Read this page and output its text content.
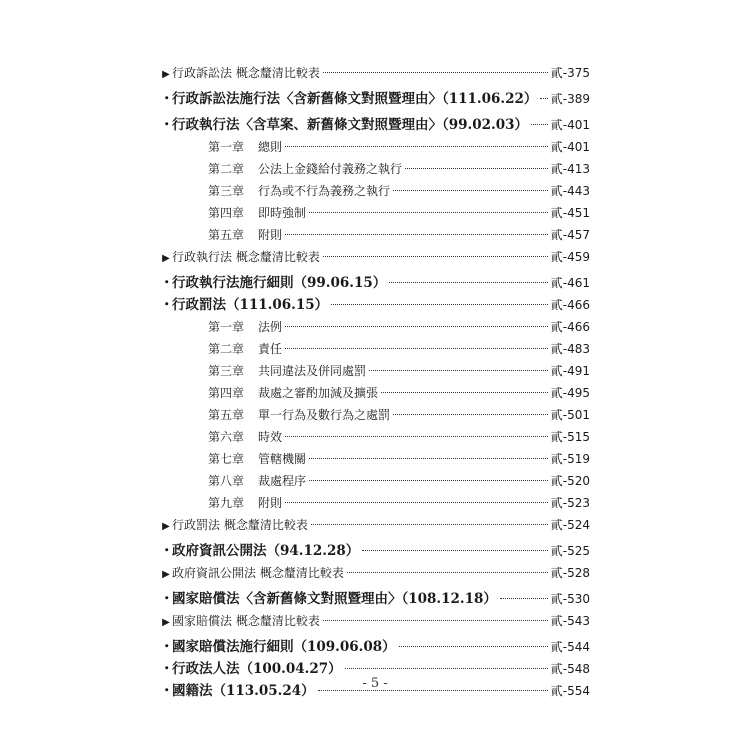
▶ 行政訴訟法 概念釐清比較表	貳-375
・
行政訴訟法施行法〈含新舊條文對照暨理由〉（111.06.22） 貳-389
・
行政執行法〈含草案、新舊條文對照暨理由〉（99.02.03） 貳-401
第一章	總則	貳-401
第二章	公法上金錢給付義務之執行	貳-413
第三章	行為或不行為義務之執行	貳-443
第四章	即時強制	貳-451
第五章	附則	貳-457
▶ 行政執行法 概念釐清比較表	貳-459
・
行政執行法施行細則（99.06.15）	貳-461
・
行政罰法（111.06.15）	貳-466
第一章	法例	貳-466
第二章	責任	貳-483
第三章	共同違法及併同處罰	貳-491
第四章	裁處之審酌加減及擴張	貳-495
第五章	單一行為及數行為之處罰	貳-501
第六章	時效	貳-515
第七章	管轄機關	貳-519
第八章	裁處程序	貳-520
第九章	附則	貳-523
▶ 行政罰法 概念釐清比較表	貳-524
・
政府資訊公開法（94.12.28）	貳-525
▶ 政府資訊公開法 概念釐清比較表	貳-528
・
國家賠償法〈含新舊條文對照暨理由〉（108.12.18）	貳-530
▶ 國家賠償法 概念釐清比較表	貳-543
・
國家賠償法施行細則（109.06.08）	貳-544
・
行政法人法（100.04.27）	貳-548
・
國籍法（113.05.24）	貳-554
- 5 -
